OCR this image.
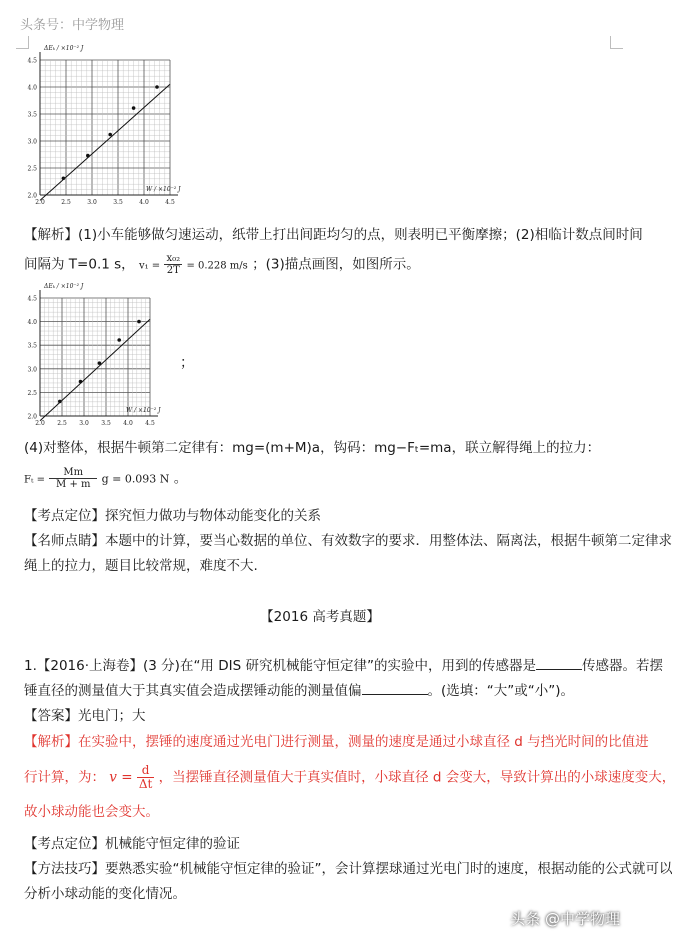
头条号：中学物理
4.5
4.0
3.5
3.0
2.5
2.0
2.0	2.5	3.0	3.5	4.0	4.5
ΔEₖ / ×10⁻² J
W / ×10⁻² J
【解析】(1)小车能够做匀速运动，纸带上打出间距均匀的点，则表明已平衡摩擦；(2)相临计数点间时间
间隔为 T=0.1 s， $v_1 = \frac{\text{x₀₂}}{2T} = 0.228$ m/s ；(3)描点画图，如图所示。
4.5
4.0
3.5
3.0
2.5
2.0
2.0 2.5 3.0 3.5 4.0 4.5
ΔEₖ / ×10⁻² J
W / ×10⁻² J
；
(4)对整体，根据牛顿第二定律有：mg=(m+M)a，钩码：mg−Fₜ=ma，联立解得绳上的拉力：
$F_t = \frac{Mm}{M + m}$ g = 0.093 N 。
【考点定位】探究恒力做功与物体动能变化的关系
【名师点睛】本题中的计算，要当心数据的单位、有效数字的要求．用整体法、隔离法，根据牛顿第二定律求
绳上的拉力，题目比较常规，难度不大.
【2016 高考真题】
1.【2016·上海卷】(3 分)在“用 DIS 研究机械能守恒定律”的实验中，用到的传感器是	传感器。若摆
锤直径的测量值大于其真实值会造成摆锤动能的测量值偏	。(选填：“大”或“小”)。
【答案】光电门；大
【解析】在实验中，摆锤的速度通过光电门进行测量，测量的速度是通过小球直径 d 与挡光时间的比值进
行计算，为： $v = \frac{d}{\Delta t}$ ，当摆锤直径测量值大于真实值时，小球直径 d 会变大，导致计算出的小球速度变大，
故小球动能也会变大。
【考点定位】机械能守恒定律的验证
【方法技巧】要熟悉实验“机械能守恒定律的验证”，会计算摆球通过光电门时的速度，根据动能的公式就可以
分析小球动能的变化情况。
头条 @中学物理
